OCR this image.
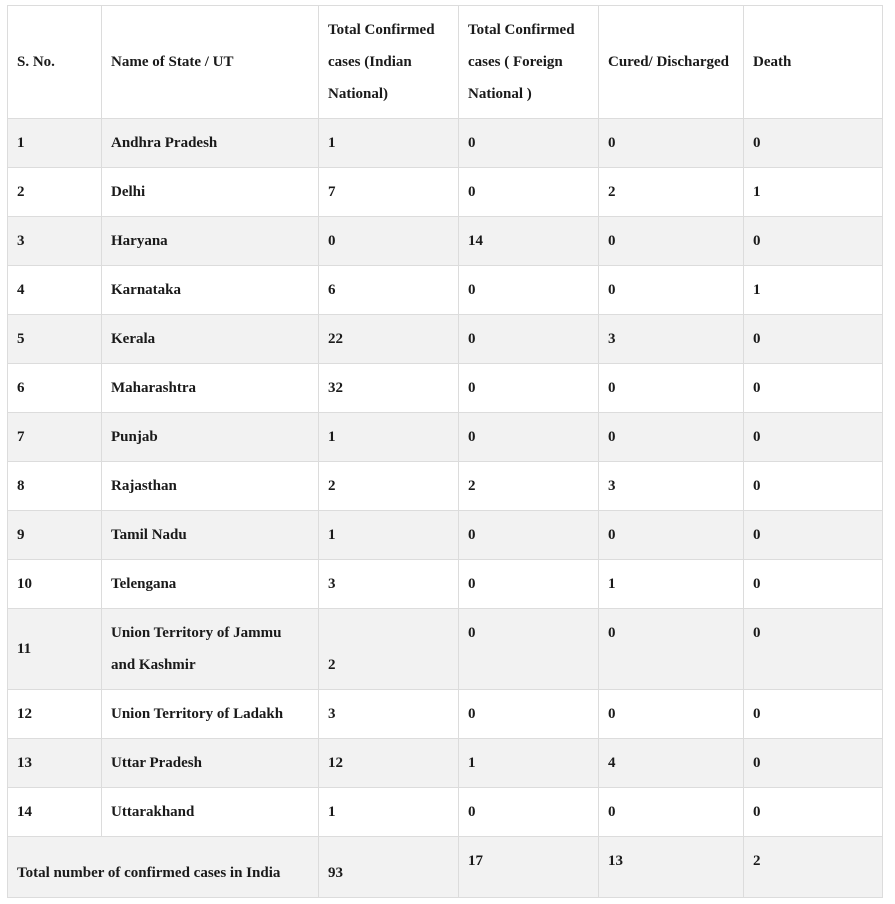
S. No.	Name of State / UT	Total Confirmed cases (Indian National)	Total Confirmed cases ( Foreign National )	Cured/ Discharged	Death
1	Andhra Pradesh	1	0	0	0
2	Delhi	7	0	2	1
3	Haryana	0	14	0	0
4	Karnataka	6	0	0	1
5	Kerala	22	0	3	0
6	Maharashtra	32	0	0	0
7	Punjab	1	0	0	0
8	Rajasthan	2	2	3	0
9	Tamil Nadu	1	0	0	0
10	Telengana	3	0	1	0
11	Union Territory of Jammu and Kashmir	2	0	0	0
12	Union Territory of Ladakh	3	0	0	0
13	Uttar Pradesh	12	1	4	0
14	Uttarakhand	1	0	0	0
Total number of confirmed cases in India		93	17	13	2
